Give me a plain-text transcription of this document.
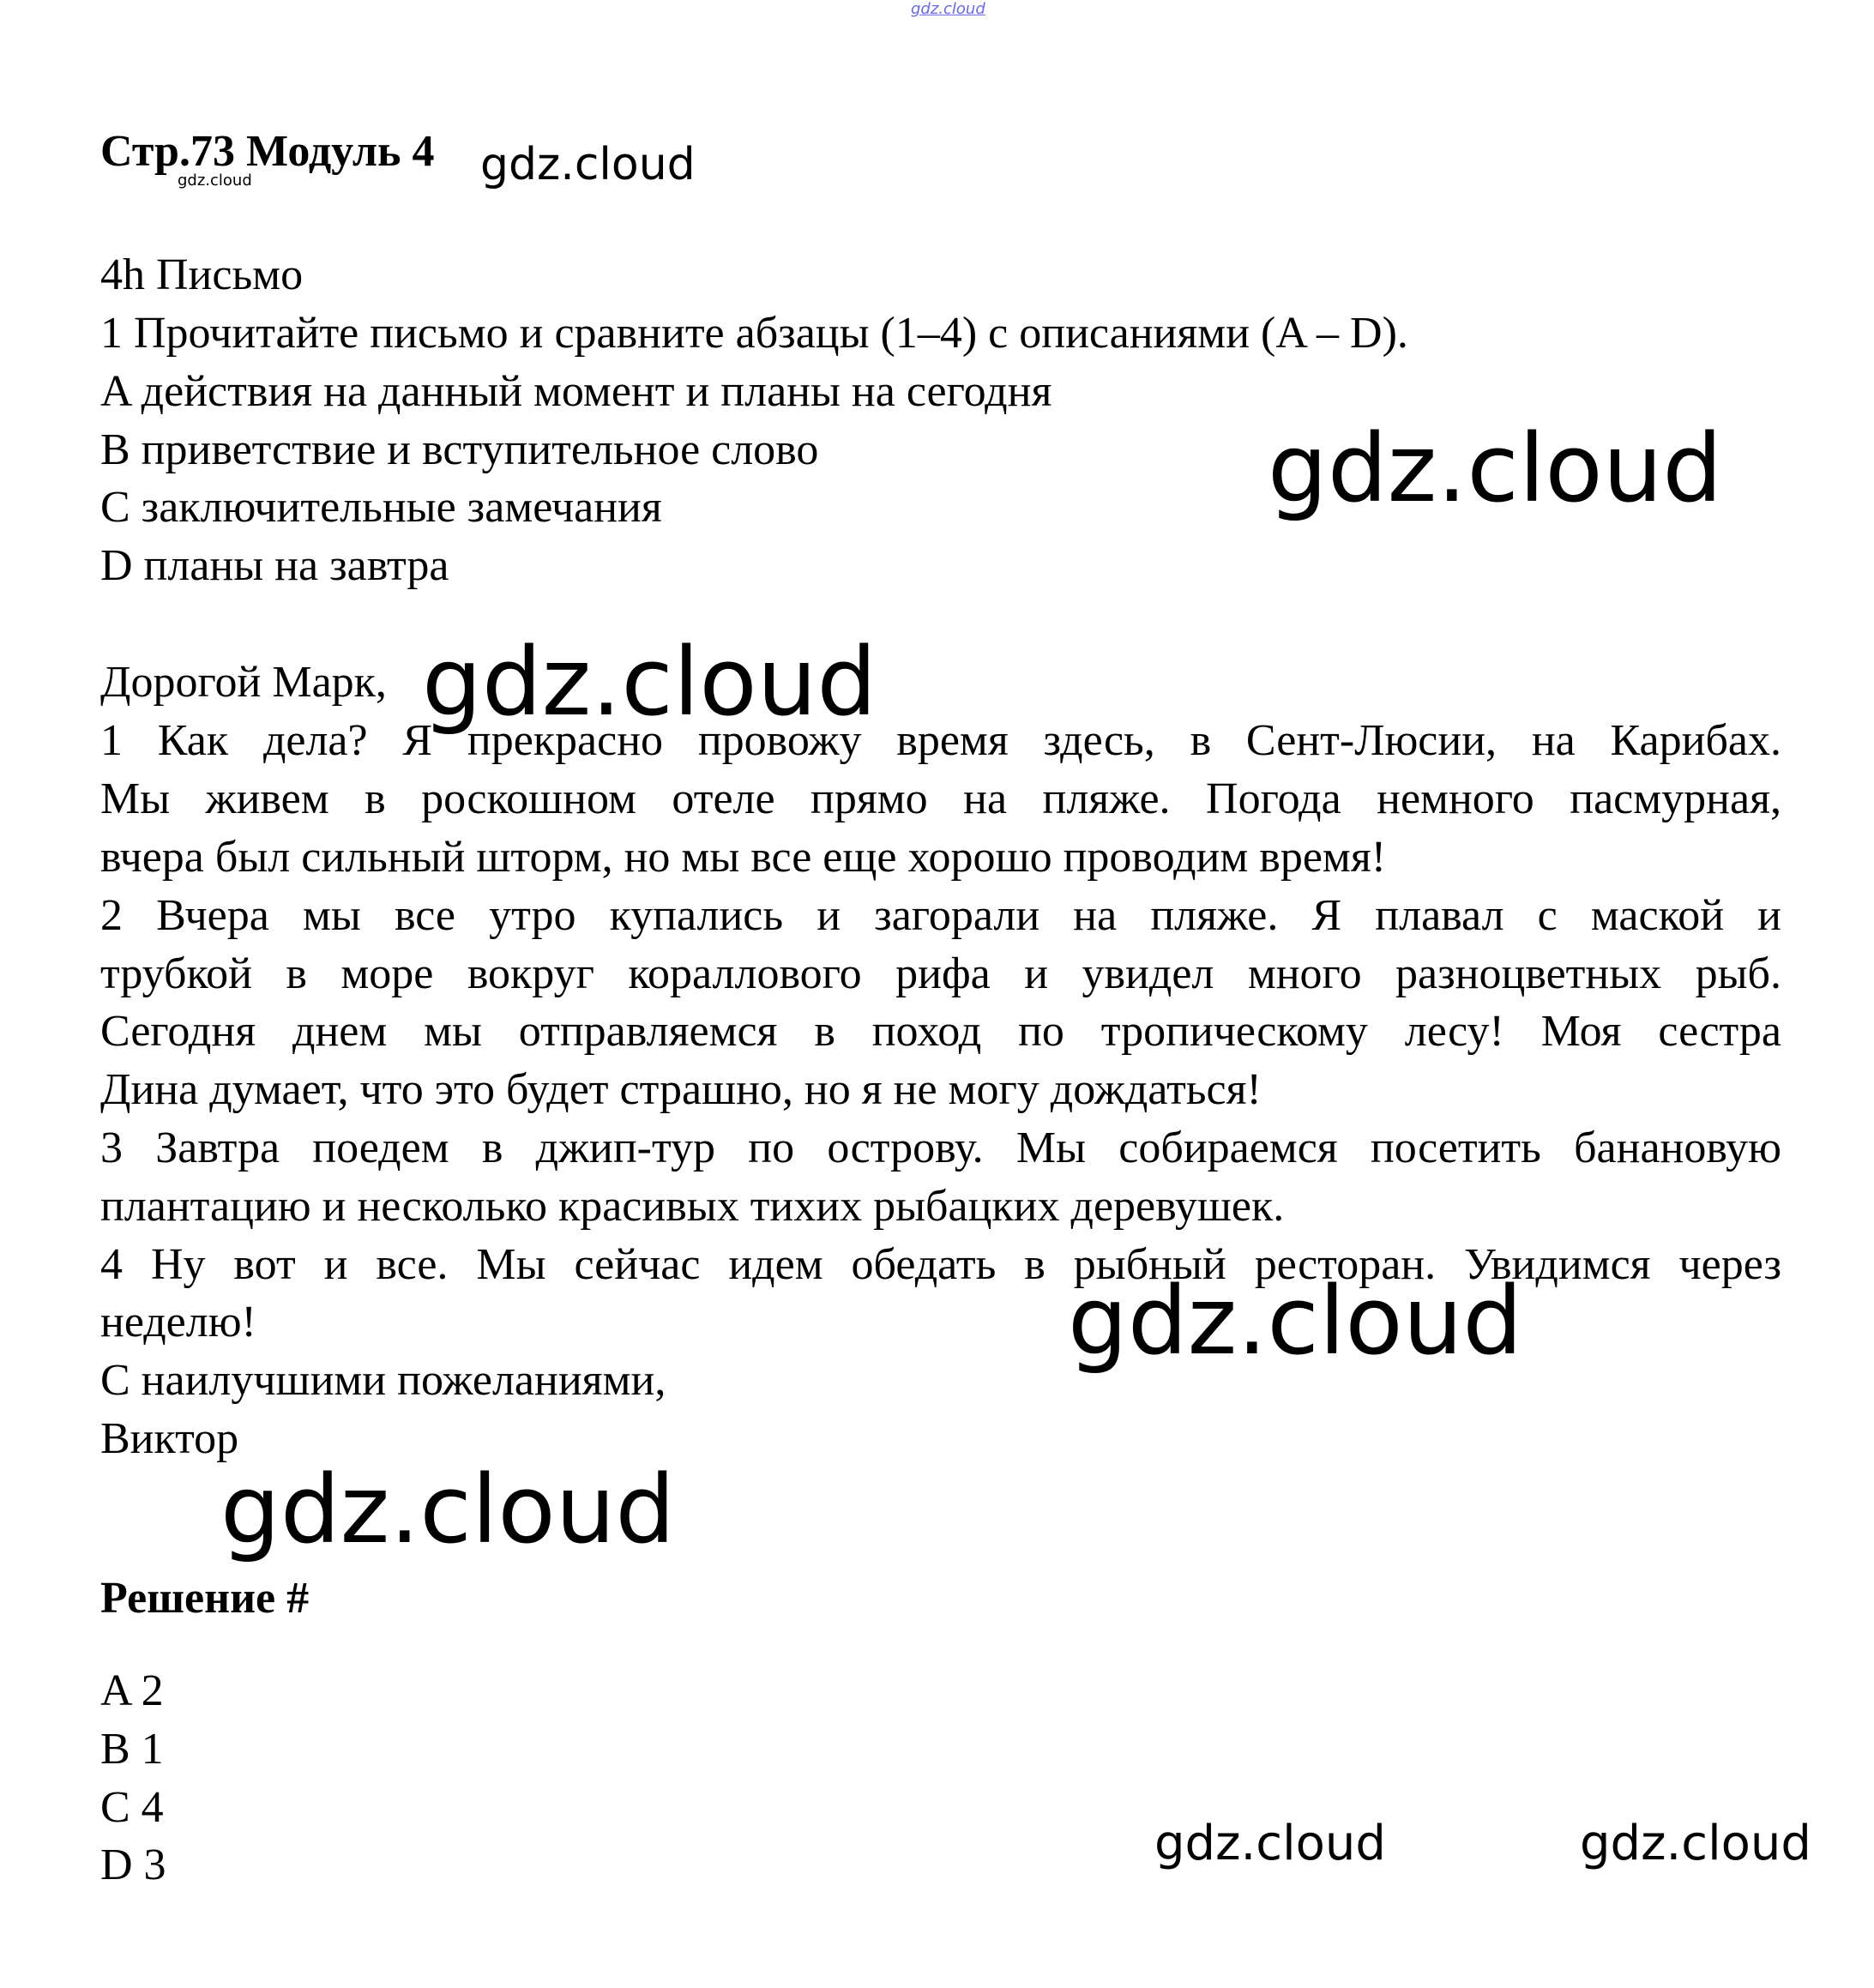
gdz.cloud
Стр.73 Модуль 4 gdz.cloud
gdz.cloud
4h Письмо
1 Прочитайте письмо и сравните абзацы (1–4) с описаниями (A – D).
A действия на данный момент и планы на сегодня
B приветствие и вступительное слово
C заключительные замечания
D планы на завтра
gdz.cloud
Дорогой Марк, gdz.cloud
1 Как дела? Я прекрасно провожу время здесь, в Сент-Люсии, на Карибах.
Мы живем в роскошном отеле прямо на пляже. Погода немного пасмурная,
вчера был сильный шторм, но мы все еще хорошо проводим время!
2 Вчера мы все утро купались и загорали на пляже. Я плавал с маской и
трубкой в море вокруг кораллового рифа и увидел много разноцветных рыб.
Сегодня днем мы отправляемся в поход по тропическому лесу! Моя сестра
Дина думает, что это будет страшно, но я не могу дождаться!
3 Завтра поедем в джип-тур по острову. Мы собираемся посетить банановую
плантацию и несколько красивых тихих рыбацких деревушек.
4 Ну вот и все. Мы сейчас идем обедать в рыбный ресторан. Увидимся через
неделю!	gdz.cloud
С наилучшими пожеланиями,
Виктор
gdz.cloud
Решение #
A 2
B 1
C 4
D 3	gdz.cloud	gdz.cloud
